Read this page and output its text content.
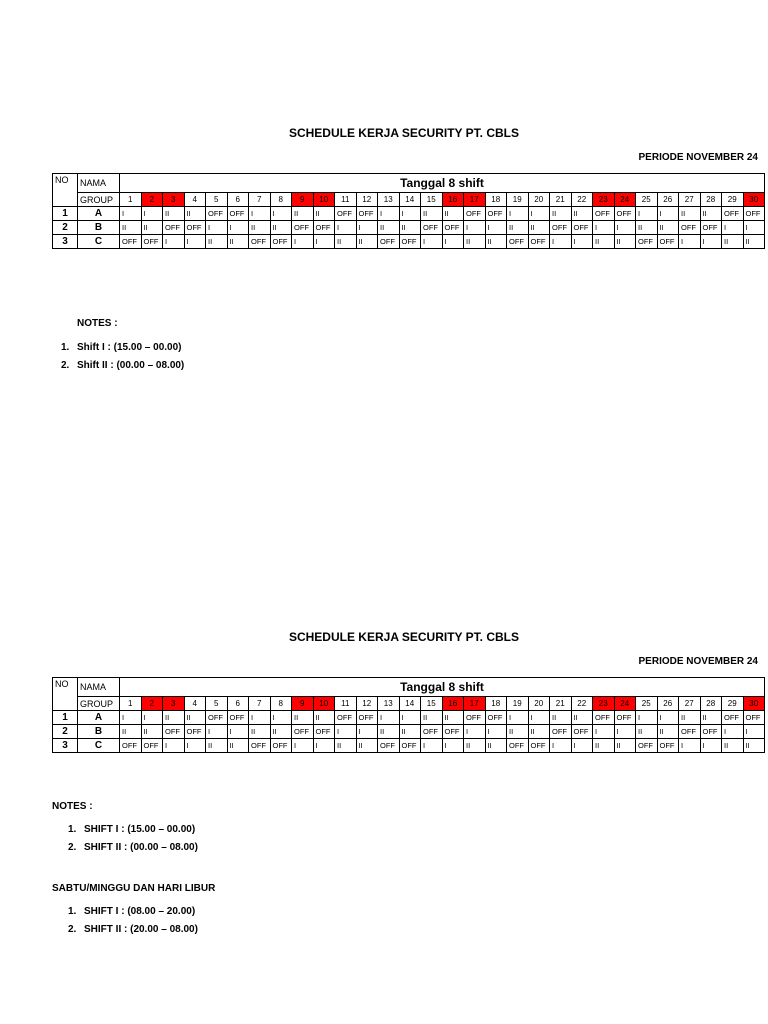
SCHEDULE KERJA SECURITY PT. CBLS
PERIODE NOVEMBER 24
NO	NAMA	Tanggal 8 shift																													
	GROUP	1	2	3	4	5	6	7	8	9	10	11	12	13	14	15	16	17	18	19	20	21	22	23	24	25	26	27	28	29	30
1	A	I	I	II	II	OFF	OFF	I	I	II	II	OFF	OFF	I	I	II	II	OFF	OFF	I	I	II	II	OFF	OFF	I	I	II	II	OFF	OFF
2	B	II	II	OFF	OFF	I	I	II	II	OFF	OFF	I	I	II	II	OFF	OFF	I	I	II	II	OFF	OFF	I	I	II	II	OFF	OFF	I	I
3	C	OFF	OFF	I	I	II	II	OFF	OFF	I	I	II	II	OFF	OFF	I	I	II	II	OFF	OFF	I	I	II	II	OFF	OFF	I	I	II	II
NOTES :
1. Shift I : (15.00 – 00.00)
2. Shift II : (00.00 – 08.00)
SCHEDULE KERJA SECURITY PT. CBLS
PERIODE NOVEMBER 24
NO	NAMA	Tanggal 8 shift																													
	GROUP	1	2	3	4	5	6	7	8	9	10	11	12	13	14	15	16	17	18	19	20	21	22	23	24	25	26	27	28	29	30
1	A	I	I	II	II	OFF	OFF	I	I	II	II	OFF	OFF	I	I	II	II	OFF	OFF	I	I	II	II	OFF	OFF	I	I	II	II	OFF	OFF
2	B	II	II	OFF	OFF	I	I	II	II	OFF	OFF	I	I	II	II	OFF	OFF	I	I	II	II	OFF	OFF	I	I	II	II	OFF	OFF	I	I
3	C	OFF	OFF	I	I	II	II	OFF	OFF	I	I	II	II	OFF	OFF	I	I	II	II	OFF	OFF	I	I	II	II	OFF	OFF	I	I	II	II
NOTES :
1. SHIFT I : (15.00 – 00.00)
2. SHIFT II : (00.00 – 08.00)
SABTU/MINGGU DAN HARI LIBUR
1. SHIFT I : (08.00 – 20.00)
2. SHIFT II : (20.00 – 08.00)
